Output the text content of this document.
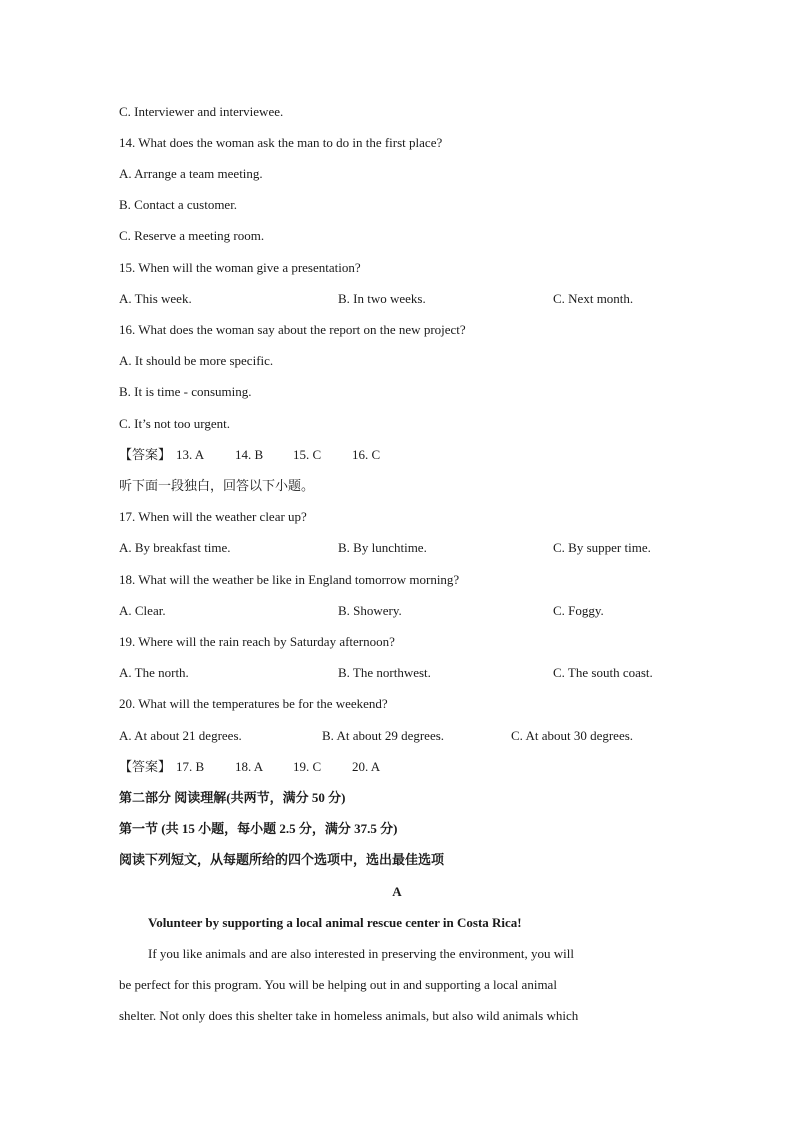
C. Interviewer and interviewee.
14. What does the woman ask the man to do in the first place?
A. Arrange a team meeting.
B. Contact a customer.
C. Reserve a meeting room.
15. When will the woman give a presentation?
A. This week.	B. In two weeks.	C. Next month.
16. What does the woman say about the report on the new project?
A. It should be more specific.
B. It is time - consuming.
C. It’s not too urgent.
【答案】 13. A 14. B 15. C 16. C
听下面一段独白，回答以下小题。
17. When will the weather clear up?
A. By breakfast time.	B. By lunchtime.	C. By supper time.
18. What will the weather be like in England tomorrow morning?
A. Clear.	B. Showery.	C. Foggy.
19. Where will the rain reach by Saturday afternoon?
A. The north.	B. The northwest.	C. The south coast.
20. What will the temperatures be for the weekend?
A. At about 21 degrees.	B. At about 29 degrees.	C. At about 30 degrees.
【答案】 17. B 18. A 19. C 20. A
第二部分 阅读理解(共两节，满分 50 分)
第一节 (共 15 小题，每小题 2.5 分，满分 37.5 分)
阅读下列短文，从每题所给的四个选项中，选出最佳选项
A
Volunteer by supporting a local animal rescue center in Costa Rica!
If you like animals and are also interested in preserving the environment, you will
be perfect for this program. You will be helping out in and supporting a local animal
shelter. Not only does this shelter take in homeless animals, but also wild animals which
